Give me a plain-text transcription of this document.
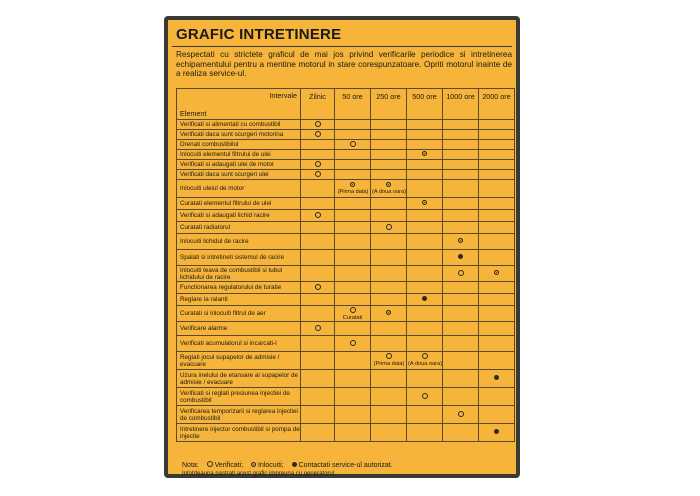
GRAFIC INTRETINERE
Respectati cu strictete graficul de mai jos privind verificarile periodice si intretinerea echipamentului pentru a mentine motorul in stare corespunzatoare. Opriti motorul inainte de a realiza service-ul.
Intervale
Element	Zilnic	50 ore	250 ore	500 ore	1000 ore	2000 ore
Verificati si alimentati cu combustibil						
Verificati daca sunt scurgeri motorina						
Drenati combustibilul						
Inlocuiti elementul filtrului de ulei						
Verificati si adaugati ulei de motor						
Verificati daca sunt scurgeri ulei						
Inlocuiti uleiul de motor		(Prima data)	(A doua oara)			
Curatati elementul filtrului de ulei						
Verificati si adaugati lichid racire						
Curatati radiatorul						
Inlocuiti lichidul de racire						
Spalati si intretineti sistemul de racire						
Inlocuiti teava de combustibil si tubul lichidului de racire						
Functionarea regulatorului de turatie						
Reglare la ralanti						
Curatati si inlocuiti filtrul de aer		Curatati				

Verificare alarme						
Verificati acumulatorul si incarcati-l						
Reglati jocul supapelor de admisie / evacuare			(Prima data)	(A doua oara)		
Uzura inelului de etansare al supapelor de admisie / evacuare						
Verificati si reglati presiunea injectiei de combustibil						
Verificarea temporizarii si reglarea injectiei de combustibil						
Intretinere injector combustibil si pompa de injectie						
Nota: Verificati; Inlocuiti; Contactati service-ul autorizat.
Intotdeauna pastrati acest grafic impreuna cu generatorul.
